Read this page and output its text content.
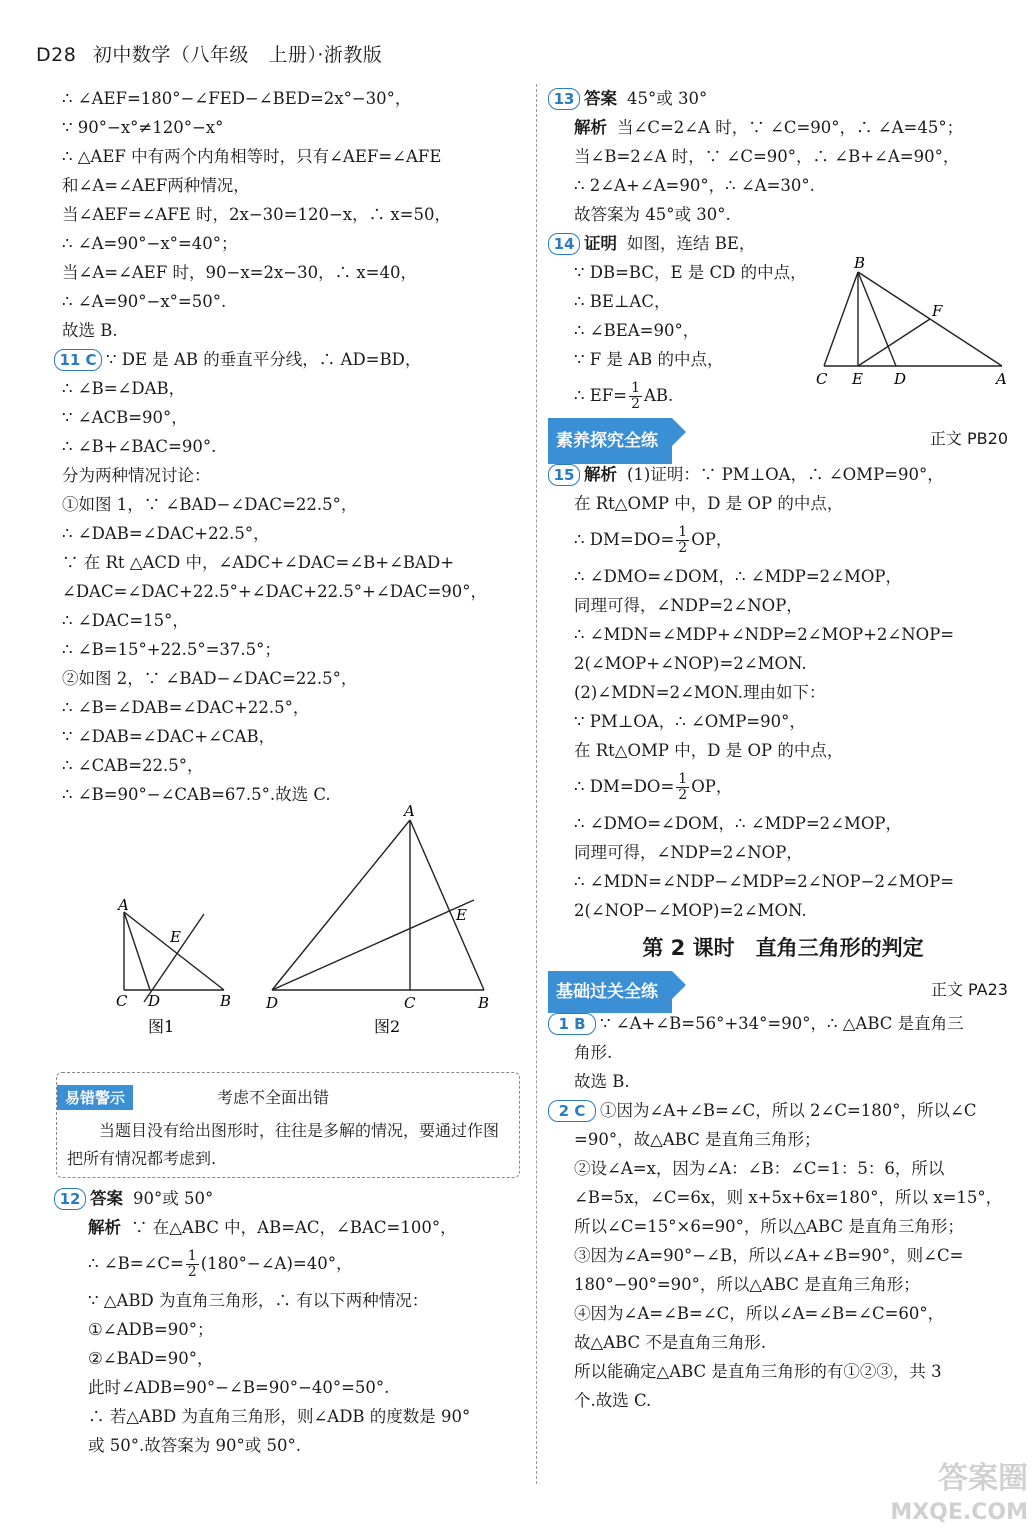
D28 初中数学（八年级　上册）·浙教版
∴ ∠AEF=180°−∠FED−∠BED=2x°−30°，
∵ 90°−x°≠120°−x°
∴ △AEF 中有两个内角相等时，只有∠AEF=∠AFE
和∠A=∠AEF两种情况，
当∠AEF=∠AFE 时，2x−30=120−x，∴ x=50，
∴ ∠A=90°−x°=40°；
当∠A=∠AEF 时，90−x=2x−30，∴ x=40，
∴ ∠A=90°−x°=50°.
故选 B.
11 C ∵ DE 是 AB 的垂直平分线，∴ AD=BD，
∴ ∠B=∠DAB，
∵ ∠ACB=90°，
∴ ∠B+∠BAC=90°.
分为两种情况讨论：
①如图 1，∵ ∠BAD−∠DAC=22.5°，
∴ ∠DAB=∠DAC+22.5°，
∵ 在 Rt △ACD 中，∠ADC+∠DAC=∠B+∠BAD+
∠DAC=∠DAC+22.5°+∠DAC+22.5°+∠DAC=90°，
∴ ∠DAC=15°，
∴ ∠B=15°+22.5°=37.5°；
②如图 2，∵ ∠BAD−∠DAC=22.5°，
∴ ∠B=∠DAB=∠DAC+22.5°，
∵ ∠DAB=∠DAC+∠CAB，
∴ ∠CAB=22.5°，
∴ ∠B=90°−∠CAB=67.5°.故选 C.
A
E
C D	B
图1
A
E
D	C	B
图2
易错警示	考虑不全面出错
当题目没有给出图形时，往往是多解的情况，要通过作图把所有情况都考虑到.
12 答案 90°或 50°
解析 ∵ 在△ABC 中，AB=AC，∠BAC=100°，
∴ ∠B=∠C= $\frac{1}{2}$ (180°−∠A)=40°，
∵ △ABD 为直角三角形，∴ 有以下两种情况：
①∠ADB=90°；
②∠BAD=90°，
此时∠ADB=90°−∠B=90°−40°=50°.
∴ 若△ABD 为直角三角形，则∠ADB 的度数是 90°
或 50°.故答案为 90°或 50°.
13 答案 45°或 30°
解析 当∠C=2∠A 时，∵ ∠C=90°，∴ ∠A=45°；
当∠B=2∠A 时，∵ ∠C=90°，∴ ∠B+∠A=90°，
∴ 2∠A+∠A=90°，∴ ∠A=30°.
故答案为 45°或 30°.
14 证明 如图，连结 BE，
∵ DB=BC，E 是 CD 的中点，
∴ BE⊥AC，
∴ ∠BEA=90°，
∵ F 是 AB 的中点，
∴ $EF= \frac{1}{2}$ AB.
素养探究全练	正文 PB20
15 解析 (1)证明：∵ PM⊥OA，∴ ∠OMP=90°，
在 Rt△OMP 中，D 是 OP 的中点，
∴ $DM=DO= \frac{1}{2}$ OP，
∴ ∠DMO=∠DOM，∴ ∠MDP=2∠MOP，
同理可得，∠NDP=2∠NOP，
∴ ∠MDN=∠MDP+∠NDP=2∠MOP+2∠NOP=
2(∠MOP+∠NOP)=2∠MON.
(2)∠MDN=2∠MON.理由如下：
∵ PM⊥OA，∴ ∠OMP=90°，
在 Rt△OMP 中，D 是 OP 的中点，
∴ $DM=DO= \frac{1}{2}$ OP，
∴ ∠DMO=∠DOM，∴ ∠MDP=2∠MOP，
同理可得，∠NDP=2∠NOP，
∴ ∠MDN=∠NDP−∠MDP=2∠NOP−2∠MOP=
2(∠NOP−∠MOP)=2∠MON.
第 2 课时　直角三角形的判定
基础过关全练	正文 PA23
1 B ∵ ∠A+∠B=56°+34°=90°，∴ △ABC 是直角三
角形.
故选 B.
2 C ①因为∠A+∠B=∠C，所以 2∠C=180°，所以∠C
=90°，故△ABC 是直角三角形；
②设∠A=x，因为∠A：∠B：∠C=1：5：6，所以
∠B=5x，∠C=6x，则 x+5x+6x=180°，所以 x=15°，
所以∠C=15°×6=90°，所以△ABC 是直角三角形；
③因为∠A=90°−∠B，所以∠A+∠B=90°，则∠C=
180°−90°=90°，所以△ABC 是直角三角形；
④因为∠A=∠B=∠C，所以∠A=∠B=∠C=60°，
故△ABC 不是直角三角形.
所以能确定△ABC 是直角三角形的有①②③，共 3
个.故选 C.
B
F
C E D	A
答案圈
MXQE.COM
